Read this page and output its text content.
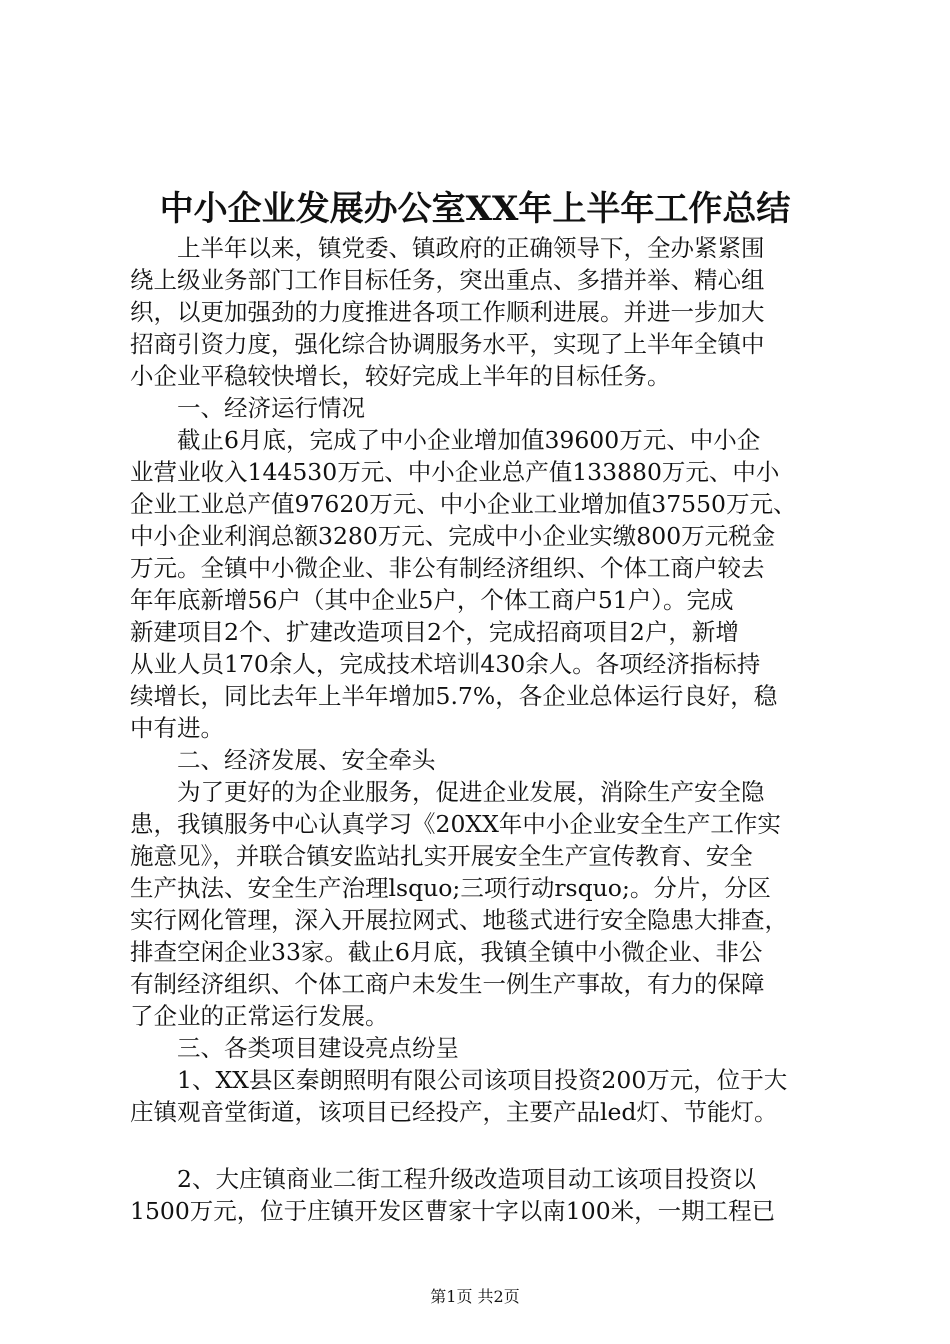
中小企业发展办公室XX年上半年工作总结
　　上半年以来，镇党委、镇政府的正确领导下，全办紧紧围
绕上级业务部门工作目标任务，突出重点、多措并举、精心组
织，以更加强劲的力度推进各项工作顺利进展。并进一步加大
招商引资力度，强化综合协调服务水平，实现了上半年全镇中
小企业平稳较快增长，较好完成上半年的目标任务。
　　一、经济运行情况
　　截止6月底，完成了中小企业增加值39600万元、中小企
业营业收入144530万元、中小企业总产值133880万元、中小
企业工业总产值97620万元、中小企业工业增加值37550万元、
中小企业利润总额3280万元、完成中小企业实缴800万元税金
万元。全镇中小微企业、非公有制经济组织、个体工商户较去
年年底新增56户（其中企业5户，个体工商户51户）。完成
新建项目2个、扩建改造项目2个，完成招商项目2户，新增
从业人员170余人，完成技术培训430余人。各项经济指标持
续增长，同比去年上半年增加5.7%，各企业总体运行良好，稳
中有进。
　　二、经济发展、安全牵头
　　为了更好的为企业服务，促进企业发展，消除生产安全隐
患，我镇服务中心认真学习《20XX年中小企业安全生产工作实
施意见》，并联合镇安监站扎实开展安全生产宣传教育、安全
生产执法、安全生产治理lsquo;三项行动rsquo;。分片，分区
实行网化管理，深入开展拉网式、地毯式进行安全隐患大排查，
排查空闲企业33家。截止6月底，我镇全镇中小微企业、非公
有制经济组织、个体工商户未发生一例生产事故，有力的保障
了企业的正常运行发展。
　　三、各类项目建设亮点纷呈
　　1、XX县区秦朗照明有限公司该项目投资200万元，位于大
庄镇观音堂街道，该项目已经投产，主要产品led灯、节能灯。
　　2、大庄镇商业二街工程升级改造项目动工该项目投资以
1500万元，位于庄镇开发区曹家十字以南100米，一期工程已
第1页 共2页
